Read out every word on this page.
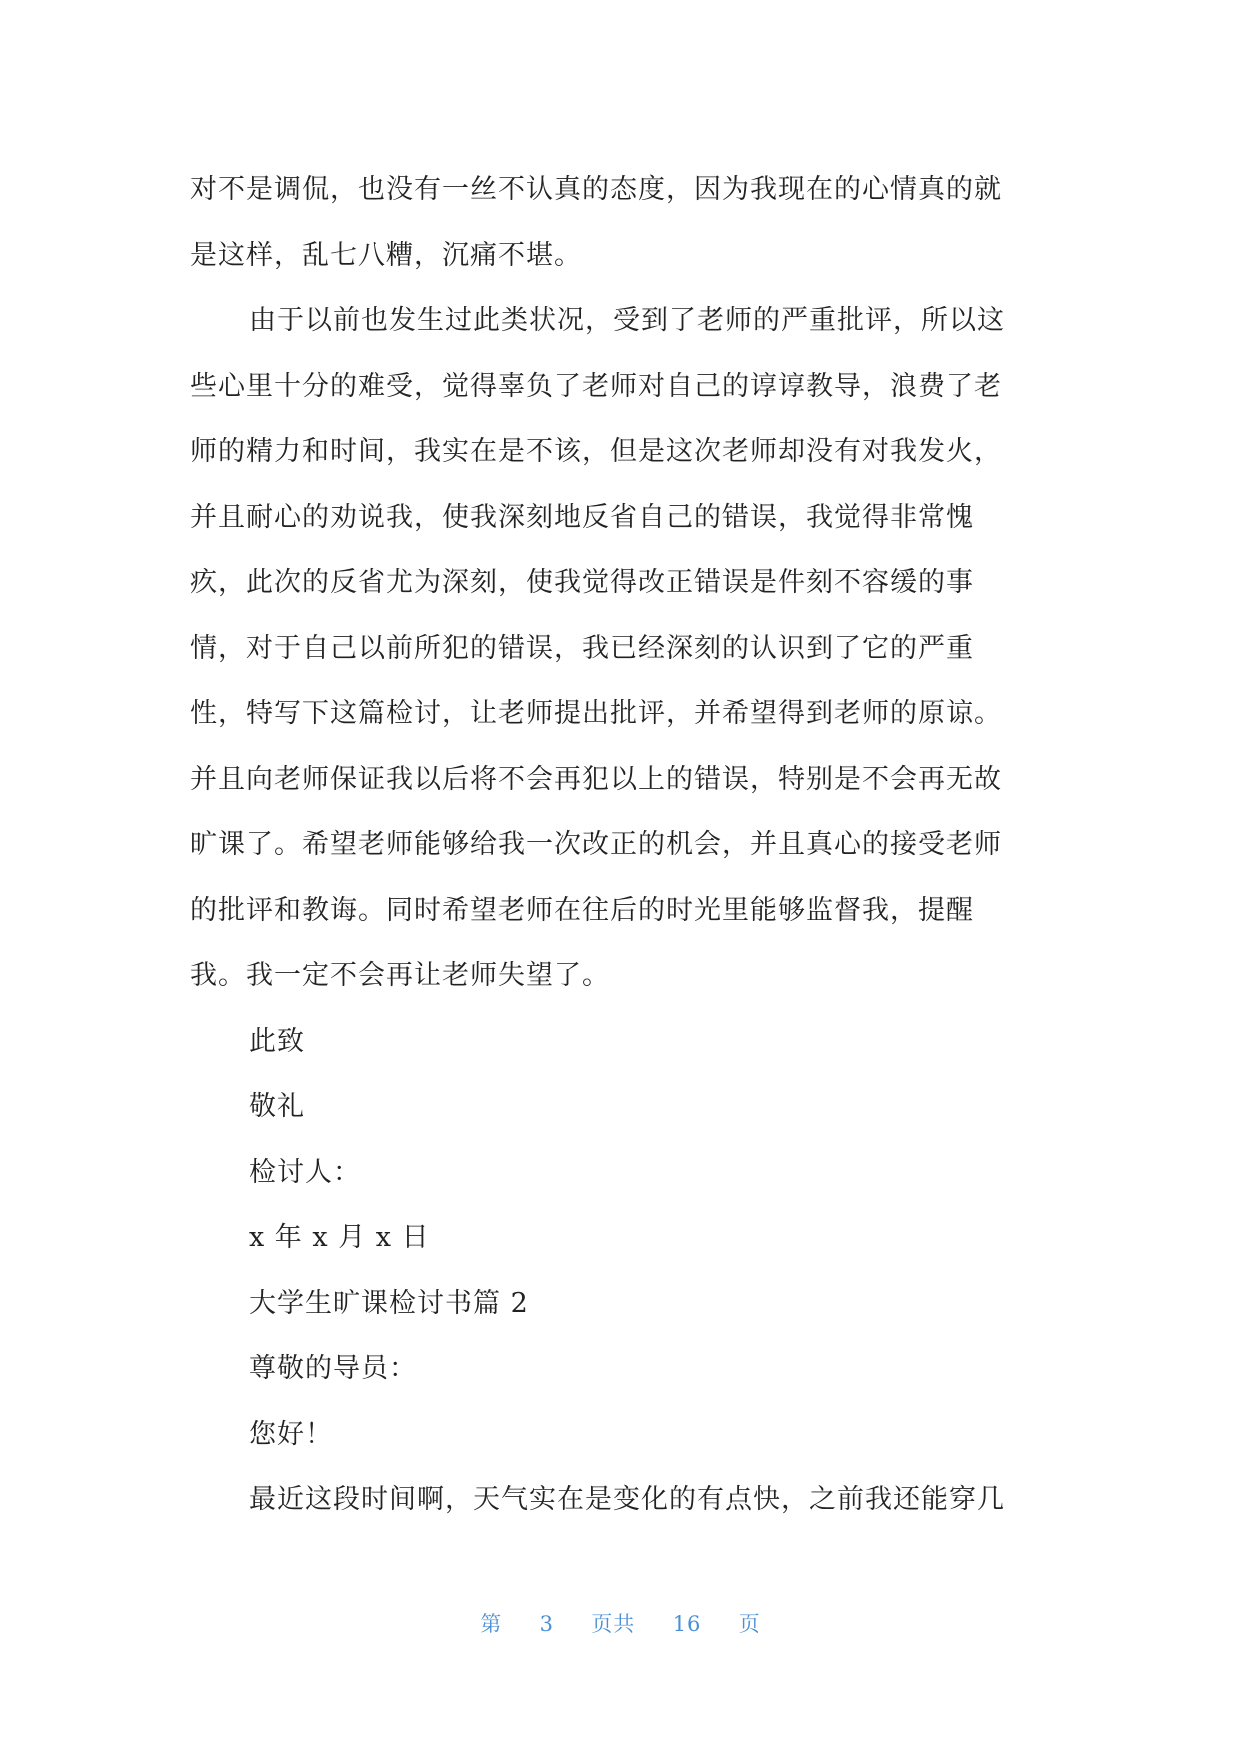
对不是调侃，也没有一丝不认真的态度，因为我现在的心情真的就
是这样，乱七八糟，沉痛不堪。
由于以前也发生过此类状况，受到了老师的严重批评，所以这
些心里十分的难受，觉得辜负了老师对自己的谆谆教导，浪费了老
师的精力和时间，我实在是不该，但是这次老师却没有对我发火，
并且耐心的劝说我，使我深刻地反省自己的错误，我觉得非常愧
疚，此次的反省尤为深刻，使我觉得改正错误是件刻不容缓的事
情，对于自己以前所犯的错误，我已经深刻的认识到了它的严重
性，特写下这篇检讨，让老师提出批评，并希望得到老师的原谅。
并且向老师保证我以后将不会再犯以上的错误，特别是不会再无故
旷课了。希望老师能够给我一次改正的机会，并且真心的接受老师
的批评和教诲。同时希望老师在往后的时光里能够监督我，提醒
我。我一定不会再让老师失望了。
此致
敬礼
检讨人：
x 年 x 月 x 日
大学生旷课检讨书篇 2
尊敬的导员：
您好！
最近这段时间啊，天气实在是变化的有点快，之前我还能穿几
第 3 页共 16 页
